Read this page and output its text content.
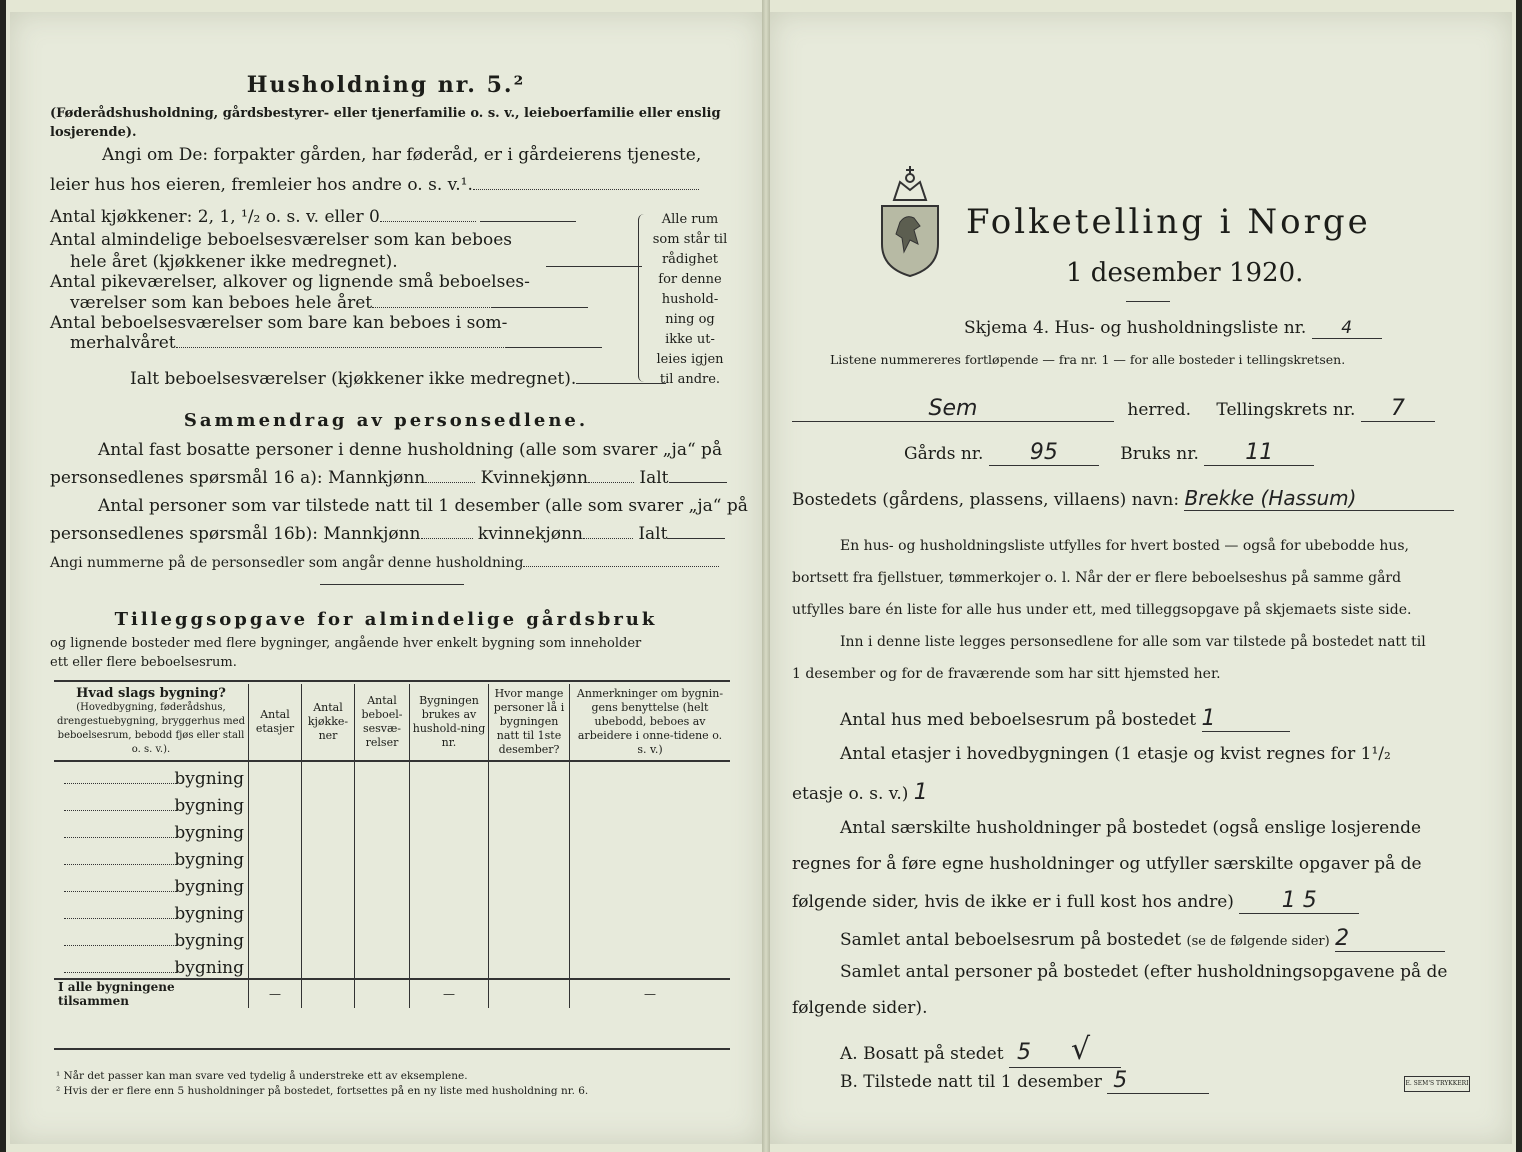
Husholdning nr. 5.²
(Føderådshusholdning, gårdsbestyrer- eller tjenerfamilie o. s. v., leieboerfamilie eller enslig losjerende).
Angi om De: forpakter gården, har føderåd, er i gårdeierens tjeneste,
leier hus hos eieren, fremleier hos andre o. s. v.¹.
Antal kjøkkener: 2, 1, ¹/₂ o. s. v. eller 0
Antal almindelige beboelsesværelser som kan beboes
hele året (kjøkkener ikke medregnet).
Antal pikeværelser, alkover og lignende små beboelses-
værelser som kan beboes hele året
Antal beboelsesværelser som bare kan beboes i som-
merhalvåret
Ialt beboelsesværelser (kjøkkener ikke medregnet).
Alle rum
som står til
rådighet
for denne
hushold-
ning og
ikke ut-
leies igjen
til andre.
Sammendrag av personsedlene.
Antal fast bosatte personer i denne husholdning (alle som svarer „ja“ på
personsedlenes spørsmål 16 a): Mannkjønn	Kvinnekjønn	Ialt
Antal personer som var tilstede natt til 1 desember (alle som svarer „ja“ på
personsedlenes spørsmål 16b): Mannkjønn	kvinnekjønn	Ialt
Angi nummerne på de personsedler som angår denne husholdning
Tilleggsopgave for almindelige gårdsbruk
og lignende bosteder med flere bygninger, angående hver enkelt bygning som inneholder
ett eller flere beboelsesrum.
Hvad slags bygning?
(Hovedbygning, føderådshus, drengestuebygning, bryggerhus med beboelsesrum, bebodd fjøs eller stall o. s. v.).	Antal etasjer	Antal kjøkke-ner	Antal beboel-sesvæ-relser	Bygningen brukes av hushold-ning nr.	Hvor mange personer lå i bygningen natt til 1ste desember?	Anmerkninger om bygnin-gens benyttelse (helt ubebodd, beboes av arbeidere i onne-tidene o. s. v.)
bygning						
bygning						
bygning						
bygning						
bygning						
bygning						
bygning						
bygning						
I alle bygningene tilsammen	—			—		—
¹ Når det passer kan man svare ved tydelig å understreke ett av eksemplene.
² Hvis der er flere enn 5 husholdninger på bostedet, fortsettes på en ny liste med husholdning nr. 6.
Folketelling i Norge
1 desember 1920.
Skjema 4. Hus- og husholdningsliste nr. 4
Listene nummereres fortløpende — fra nr. 1 — for alle bosteder i tellingskretsen.
Sem	herred. Tellingskrets nr. 7
Gårds nr. 95	Bruks nr. 11
Bostedets (gårdens, plassens, villaens) navn: Brekke (Hassum)
En hus- og husholdningsliste utfylles for hvert bosted — også for ubebodde hus,
bortsett fra fjellstuer, tømmerkojer o. l. Når der er flere beboelseshus på samme gård
utfylles bare én liste for alle hus under ett, med tilleggsopgave på skjemaets siste side.
Inn i denne liste legges personsedlene for alle som var tilstede på bostedet natt til
1 desember og for de fraværende som har sitt hjemsted her.
Antal hus med beboelsesrum på bostedet 1
Antal etasjer i hovedbygningen (1 etasje og kvist regnes for 1¹/₂
etasje o. s. v.) 1
Antal særskilte husholdninger på bostedet (også enslige losjerende
regnes for å føre egne husholdninger og utfyller særskilte opgaver på de
følgende sider, hvis de ikke er i full kost hos andre) 1 5
Samlet antal beboelsesrum på bostedet (se de følgende sider) 2
Samlet antal personer på bostedet (efter husholdningsopgavene på de
følgende sider).
A. Bosatt på stedet 5 √
B. Tilstede natt til 1 desember 5	E. SEM'S TRYKKERI
